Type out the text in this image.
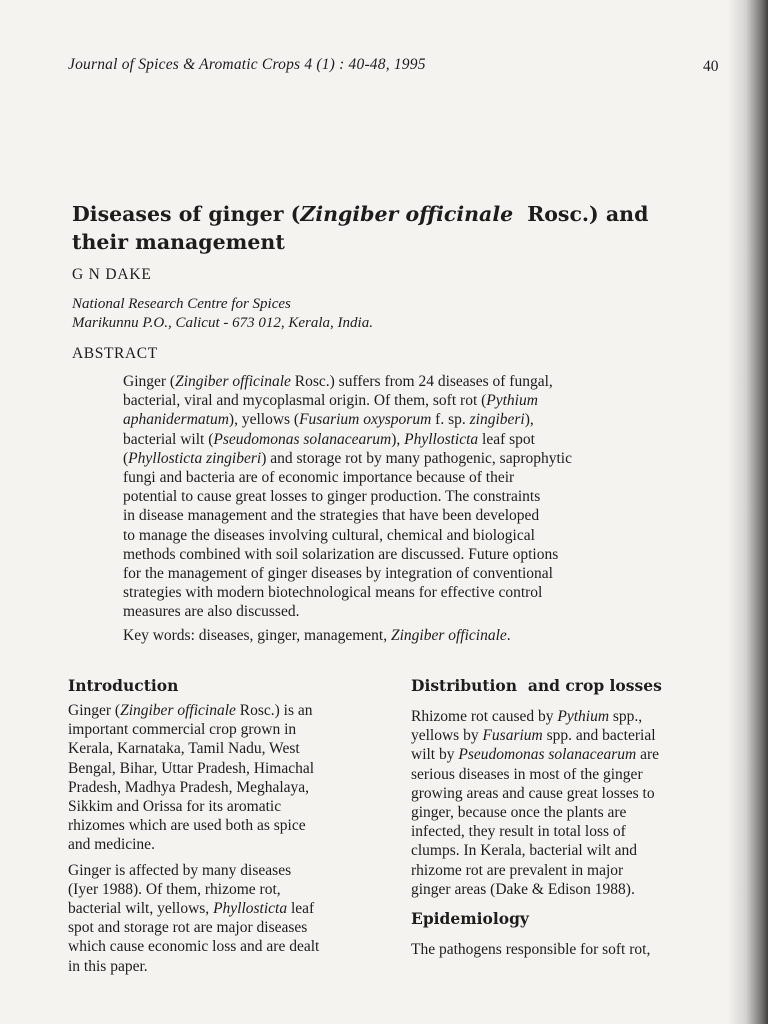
Journal of Spices & Aromatic Crops 4 (1) : 40-48, 1995	40
Diseases of ginger (Zingiber officinale Rosc.) and
their management

G N DAKE

National Research Centre for Spices
Marikunnu P.O., Calicut - 673 012, Kerala, India.

ABSTRACT

Ginger (Zingiber officinale Rosc.) suffers from 24 diseases of fungal,
bacterial, viral and mycoplasmal origin. Of them, soft rot (Pythium
aphanidermatum), yellows (Fusarium oxysporum f. sp. zingiberi),
bacterial wilt (Pseudomonas solanacearum), Phyllosticta leaf spot
(Phyllosticta zingiberi) and storage rot by many pathogenic, saprophytic
fungi and bacteria are of economic importance because of their
potential to cause great losses to ginger production. The constraints
in disease management and the strategies that have been developed
to manage the diseases involving cultural, chemical and biological
methods combined with soil solarization are discussed. Future options
for the management of ginger diseases by integration of conventional
strategies with modern biotechnological means for effective control
measures are also discussed.

Key words: diseases, ginger, management, Zingiber officinale.

Introduction

Ginger (Zingiber officinale Rosc.) is an
important commercial crop grown in
Kerala, Karnataka, Tamil Nadu, West
Bengal, Bihar, Uttar Pradesh, Himachal
Pradesh, Madhya Pradesh, Meghalaya,
Sikkim and Orissa for its aromatic
rhizomes which are used both as spice
and medicine.

Ginger is affected by many diseases
(Iyer 1988). Of them, rhizome rot,
bacterial wilt, yellows, Phyllosticta leaf
spot and storage rot are major diseases
which cause economic loss and are dealt
in this paper.

Distribution  and crop losses

Rhizome rot caused by Pythium spp.,
yellows by Fusarium spp. and bacterial
wilt by Pseudomonas solanacearum are
serious diseases in most of the ginger
growing areas and cause great losses to
ginger, because once the plants are
infected, they result in total loss of
clumps. In Kerala, bacterial wilt and
rhizome rot are prevalent in major
ginger areas (Dake & Edison 1988).

Epidemiology

The pathogens responsible for soft rot,
